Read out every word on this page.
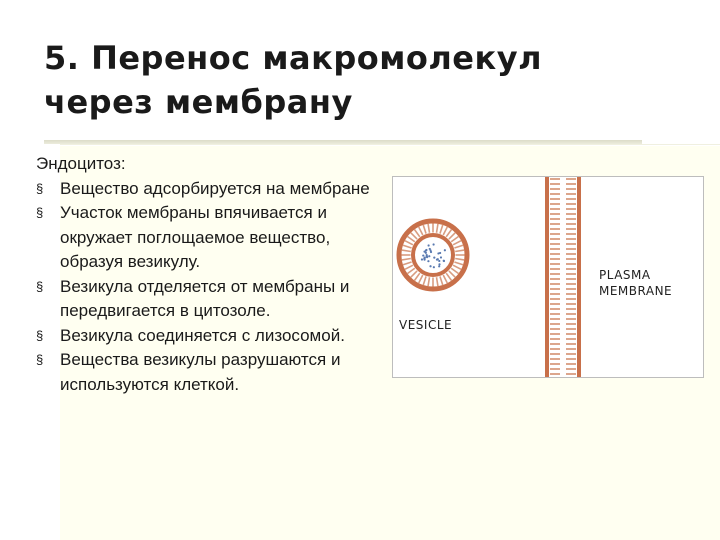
5. Перенос макромолекул
через мембрану
Эндоцитоз:
§ Вещество адсорбируется на мембране
§ Участок мембраны впячивается и окружает поглощаемое вещество, образуя везикулу.
§ Везикула отделяется от мембраны и передвигается в цитозоле.
§ Везикула соединяется с лизосомой.
§ Вещества везикулы разрушаются и используются клеткой.
VESICLE
PLASMA
MEMBRANE
